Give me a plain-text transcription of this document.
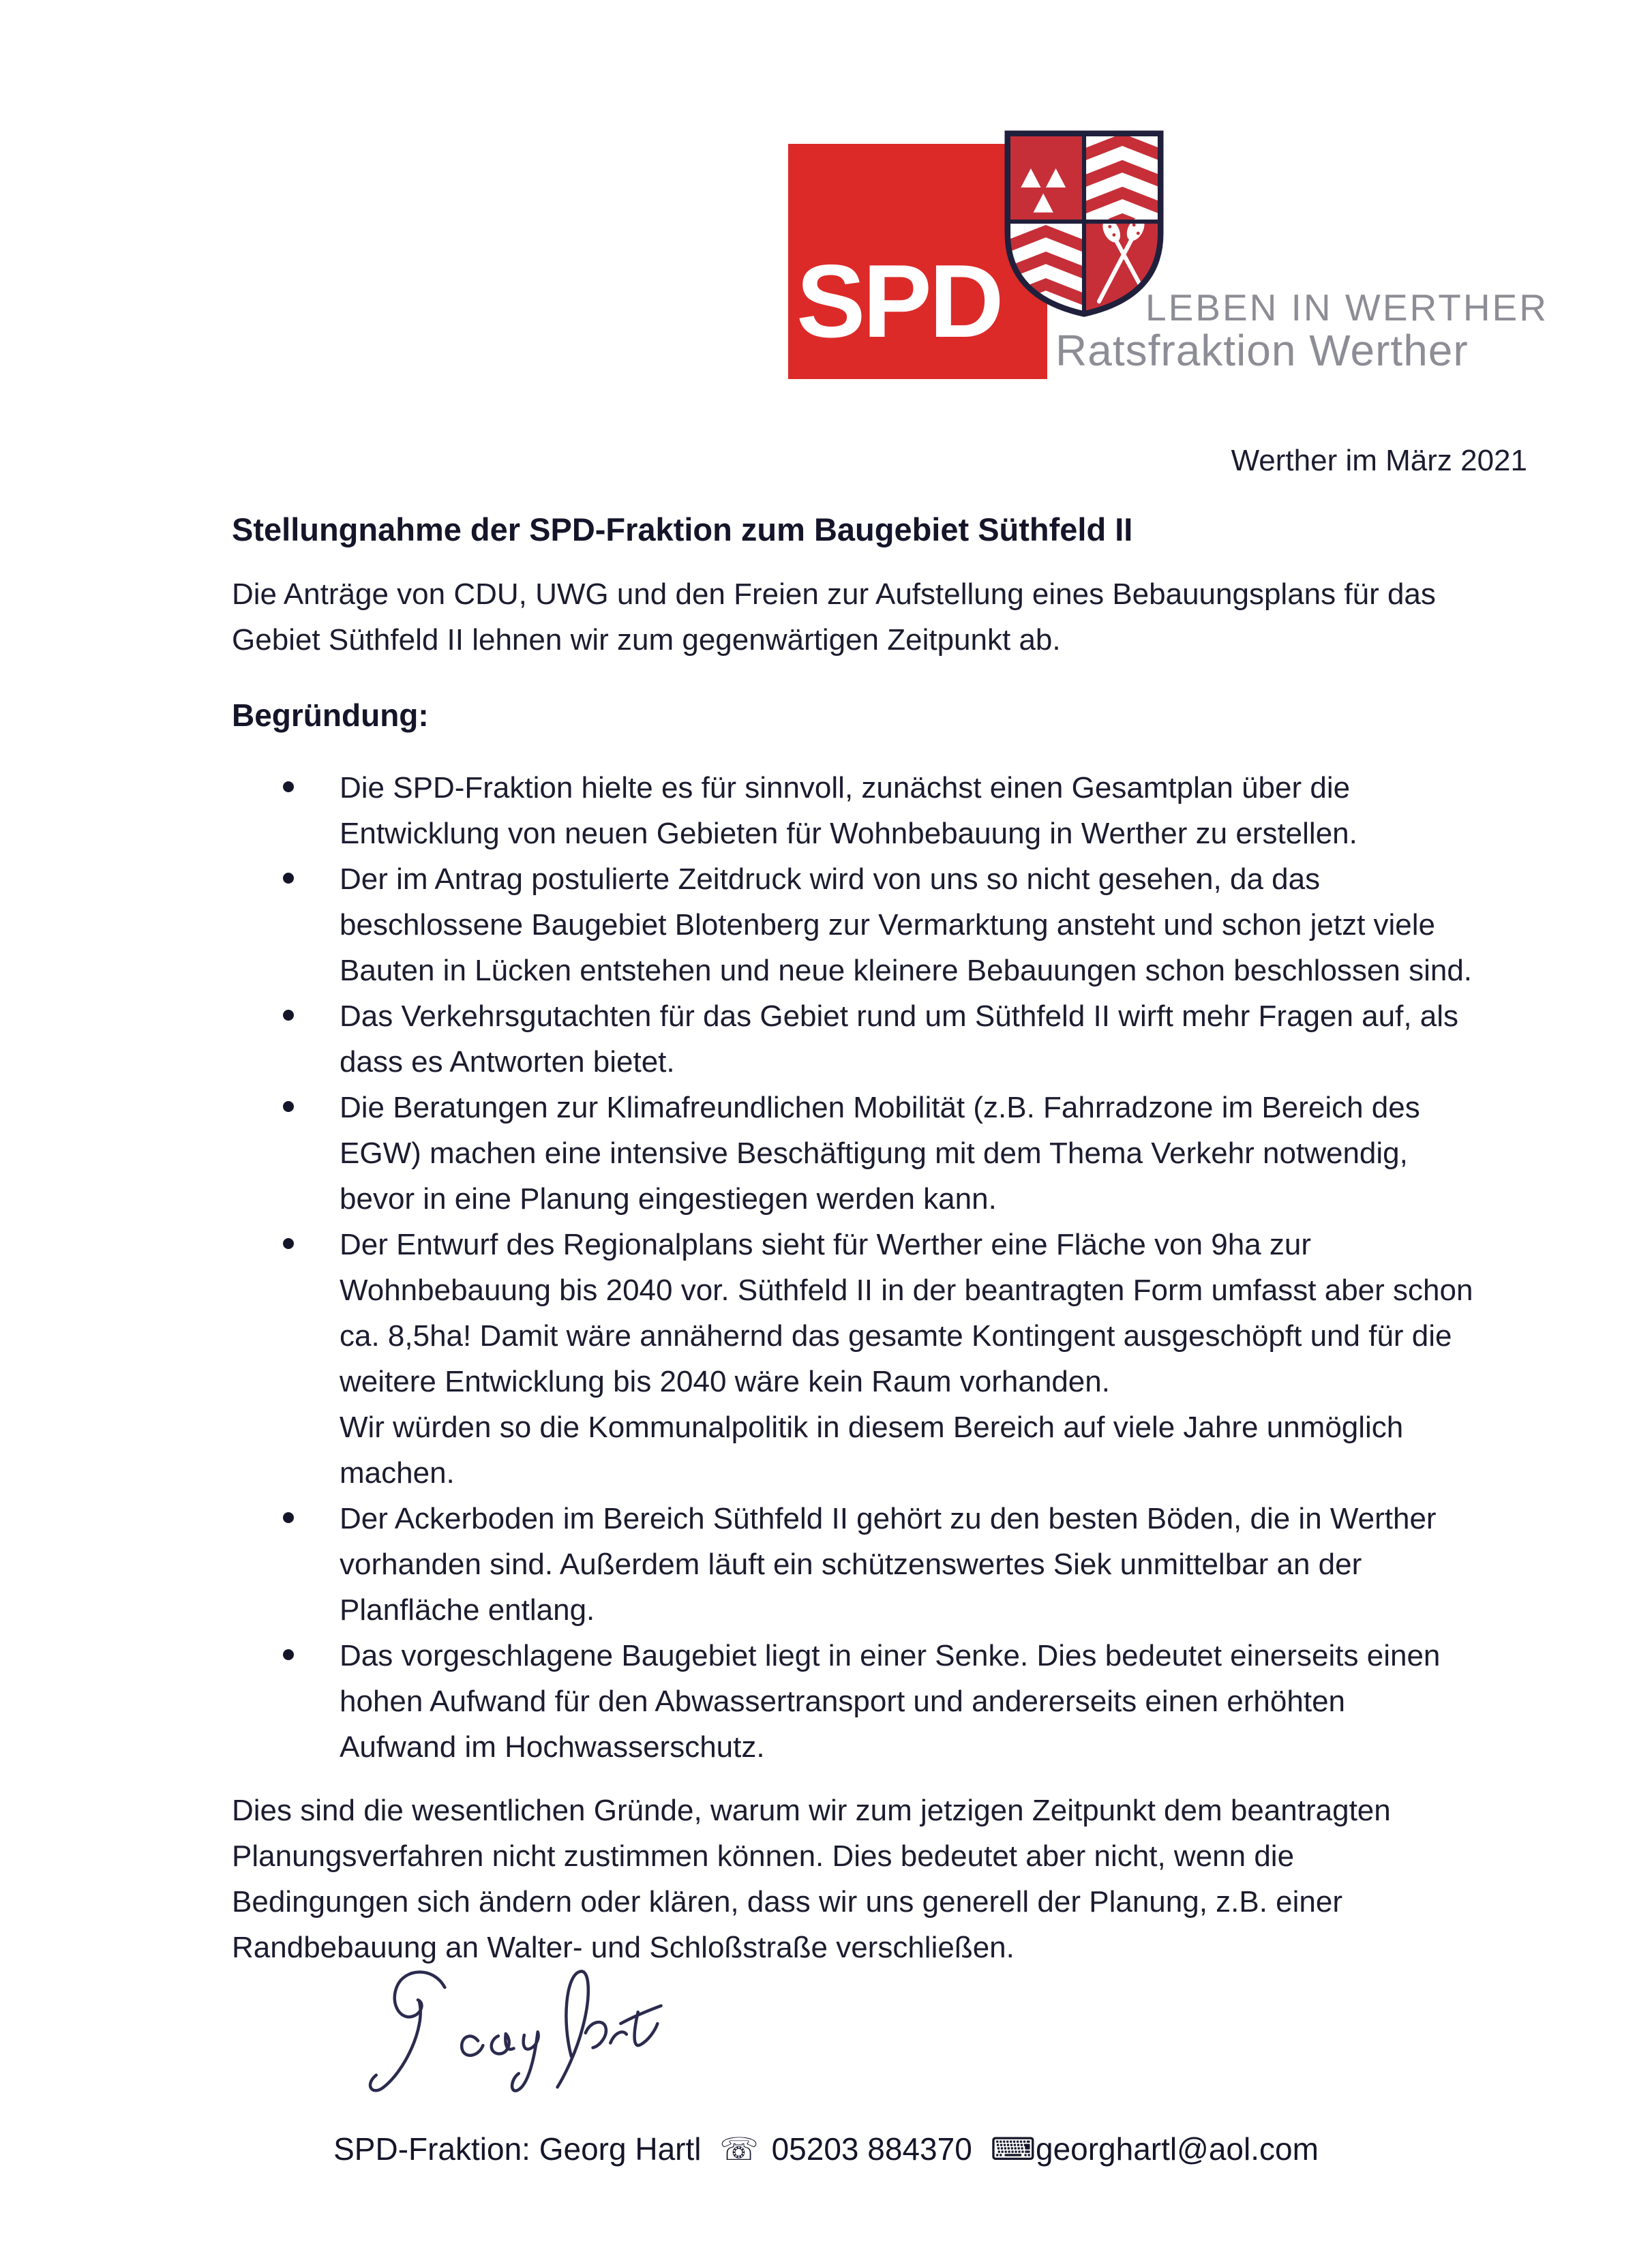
SPD	LEBEN IN WERTHER
Ratsfraktion Werther
Werther im März 2021
Stellungnahme der SPD-Fraktion zum Baugebiet Süthfeld II
Die Anträge von CDU, UWG und den Freien zur Aufstellung eines Bebauungsplans für das
Gebiet Süthfeld II lehnen wir zum gegenwärtigen Zeitpunkt ab.
Begründung:
Die SPD-Fraktion hielte es für sinnvoll, zunächst einen Gesamtplan über die
Entwicklung von neuen Gebieten für Wohnbebauung in Werther zu erstellen.
Der im Antrag postulierte Zeitdruck wird von uns so nicht gesehen, da das
beschlossene Baugebiet Blotenberg zur Vermarktung ansteht und schon jetzt viele
Bauten in Lücken entstehen und neue kleinere Bebauungen schon beschlossen sind.
Das Verkehrsgutachten für das Gebiet rund um Süthfeld II wirft mehr Fragen auf, als
dass es Antworten bietet.
Die Beratungen zur Klimafreundlichen Mobilität (z.B. Fahrradzone im Bereich des
EGW) machen eine intensive Beschäftigung mit dem Thema Verkehr notwendig,
bevor in eine Planung eingestiegen werden kann.
Der Entwurf des Regionalplans sieht für Werther eine Fläche von 9ha zur
Wohnbebauung bis 2040 vor. Süthfeld II in der beantragten Form umfasst aber schon
ca. 8,5ha! Damit wäre annähernd das gesamte Kontingent ausgeschöpft und für die
weitere Entwicklung bis 2040 wäre kein Raum vorhanden.
Wir würden so die Kommunalpolitik in diesem Bereich auf viele Jahre unmöglich
machen.
Der Ackerboden im Bereich Süthfeld II gehört zu den besten Böden, die in Werther
vorhanden sind. Außerdem läuft ein schützenswertes Siek unmittelbar an der
Planfläche entlang.
Das vorgeschlagene Baugebiet liegt in einer Senke. Dies bedeutet einerseits einen
hohen Aufwand für den Abwassertransport und andererseits einen erhöhten
Aufwand im Hochwasserschutz.
Dies sind die wesentlichen Gründe, warum wir zum jetzigen Zeitpunkt dem beantragten
Planungsverfahren nicht zustimmen können. Dies bedeutet aber nicht, wenn die
Bedingungen sich ändern oder klären, dass wir uns generell der Planung, z.B. einer
Randbebauung an Walter- und Schloßstraße verschließen.
SPD-Fraktion: Georg Hartl ☏ 05203 884370 ⌨georghartl@aol.com
